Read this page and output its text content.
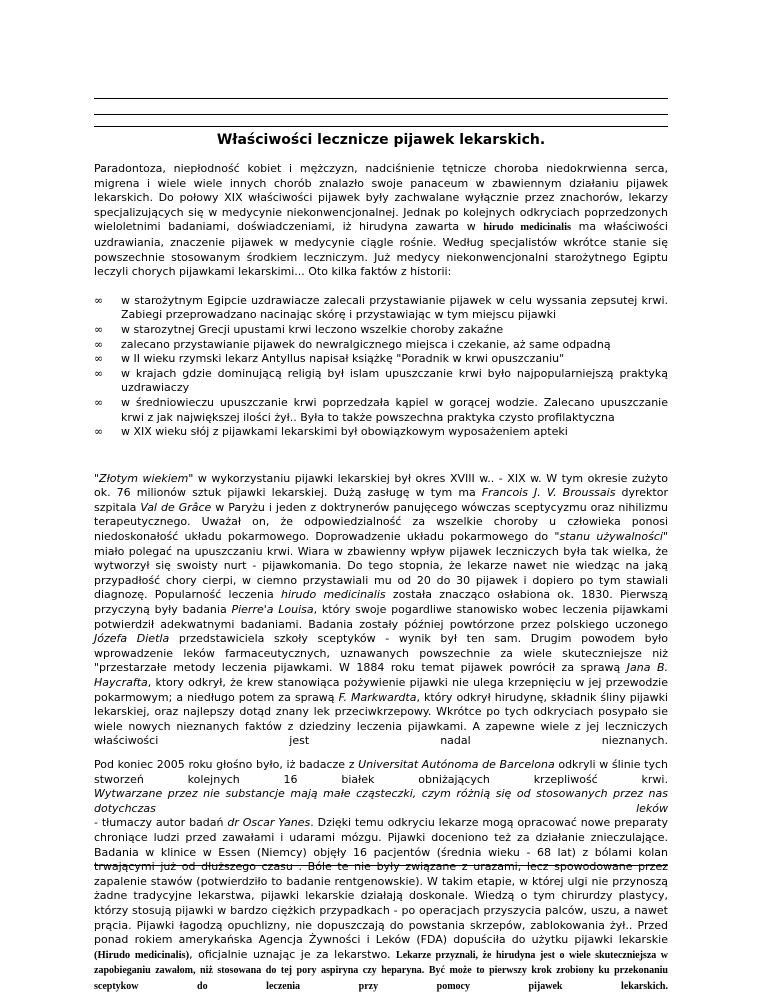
Właściwości lecznicze pijawek lekarskich.

Paradontoza, niepłodność kobiet i mężczyzn, nadciśnienie tętnicze choroba niedokrwienna serca, migrena i wiele wiele innych chorób znalazło swoje panaceum w zbawiennym działaniu pijawek lekarskich. Do połowy XIX właściwości pijawek były zachwalane wyłącznie przez znachorów, lekarzy specjalizujących się w medycynie niekonwencjonalnej. Jednak po kolejnych odkryciach poprzedzonych wieloletnimi badaniami, doświadczeniami, iż hirudyna zawarta w hirudo medicinalis ma właściwości uzdrawiania, znaczenie pijawek w medycynie ciągle rośnie. Według specjalistów wkrótce stanie się powszechnie stosowanym środkiem leczniczym. Już medycy niekonwencjonalni starożytnego Egiptu leczyli chorych pijawkami lekarskimi... Oto kilka faktów z historii:

∞	w starożytnym Egipcie uzdrawiacze zalecali przystawianie pijawek w celu wyssania zepsutej krwi. Zabiegi przeprowadzano nacinając skórę i przystawiając w tym miejscu pijawki
∞	w starozytnej Grecji upustami krwi leczono wszelkie choroby zakaźne
∞	zalecano przystawianie pijawek do newralgicznego miejsca i czekanie, aż same odpadną
∞	w II wieku rzymski lekarz Antyllus napisał książkę "Poradnik w krwi opuszczaniu"
∞	w krajach gdzie dominującą religią był islam upuszczanie krwi było najpopularniejszą praktyką uzdrawiaczy
∞	w średniowieczu upuszczanie krwi poprzedzała kąpiel w gorącej wodzie. Zalecano upuszczanie krwi z jak największej ilości żył.. Była to także powszechna praktyka czysto profilaktyczna
∞	w XIX wieku słój z pijawkami lekarskimi był obowiązkowym wyposażeniem apteki

"Złotym wiekiem" w wykorzystaniu pijawki lekarskiej był okres XVIII w.. - XIX w. W tym okresie zużyto ok. 76 milionów sztuk pijawki lekarskiej. Dużą zasługę w tym ma Francois J. V. Broussais dyrektor szpitala Val de Grâce w Paryżu i jeden z doktrynerów panujęcego wówczas sceptycyzmu oraz nihilizmu terapeutycznego. Uważał on, że odpowiedzialność za wszelkie choroby u człowieka ponosi niedoskonałość układu pokarmowego. Doprowadzenie układu pokarmowego do "stanu używalności" miało polegać na upuszczaniu krwi. Wiara w zbawienny wpływ pijawek leczniczych była tak wielka, że wytworzył się swoisty nurt - pijawkomania. Do tego stopnia, że lekarze nawet nie wiedząc na jaką przypadłość chory cierpi, w ciemno przystawiali mu od 20 do 30 pijawek i dopiero po tym stawiali diagnozę. Popularność leczenia hirudo medicinalis została znacząco osłabiona ok. 1830. Pierwszą przyczyną były badania Pierre'a Louisa, który swoje pogardliwe stanowisko wobec leczenia pijawkami potwierdził adekwatnymi badaniami. Badania zostały później powtórzone przez polskiego uczonego Józefa Dietla przedstawiciela szkoły sceptyków - wynik był ten sam. Drugim powodem było wprowadzenie leków farmaceutycznych, uznawanych powszechnie za wiele skuteczniejsze niż "przestarzałe metody leczenia pijawkami. W 1884 roku temat pijawek powrócił za sprawą Jana B. Haycrafta, ktory odkrył, że krew stanowiąca pożywienie pijawki nie ulega krzepnięciu w jej przewodzie pokarmowym; a niedługo potem za sprawą F. Markwardta, który odkrył hirudynę, składnik śliny pijawki lekarskiej, oraz najlepszy dotąd znany lek przeciwkrzepowy. Wkrótce po tych odkryciach posypało sie wiele nowych nieznanych faktów z dziedziny leczenia pijawkami. A zapewne wiele z jej leczniczych właściwości jest nadal nieznanych.

Pod koniec 2005 roku głośno było, iż badacze z Universitat Autónoma de Barcelona odkryli w ślinie tych stworzeń kolejnych 16 białek obniżających krzepliwość krwi.
Wytwarzane przez nie substancje mają małe cząsteczki, czym różnią się od stosowanych przez nas dotychczas leków
- tłumaczy autor badań dr Oscar Yanes. Dzięki temu odkryciu lekarze mogą opracować nowe preparaty chroniące ludzi przed zawałami i udarami mózgu. Pijawki doceniono też za działanie znieczulające. Badania w klinice w Essen (Niemcy) objęły 16 pacjentów (średnia wieku - 68 lat) z bólami kolan trwającymi już od dłuższego czasu . Bóle te nie były związane z urazami, lecz spowodowane przez zapalenie stawów (potwierdziło to badanie rentgenowskie). W takim etapie, w której ulgi nie przynoszą żadne tradycyjne lekarstwa, pijawki lekarskie działają doskonale. Wiedzą o tym chirurdzy plastycy, którzy stosują pijawki w bardzo ciężkich przypadkach - po operacjach przyszycia palców, uszu, a nawet prącia. Pijawki łagodzą opuchlizny, nie dopuszczają do powstania skrzepów, zablokowania żył.. Przed ponad rokiem amerykańska Agencja Żywności i Leków (FDA) dopuściła do użytku pijawki lekarskie (Hirudo medicinalis), oficjalnie uznając je za lekarstwo. Lekarze przyznali, że hirudyna jest o wiele skuteczniejsza w zapobieganiu zawałom, niż stosowana do tej pory aspiryna czy heparyna. Być może to pierwszy krok zrobiony ku przekonaniu sceptykow do leczenia przy pomocy pijawek lekarskich.
